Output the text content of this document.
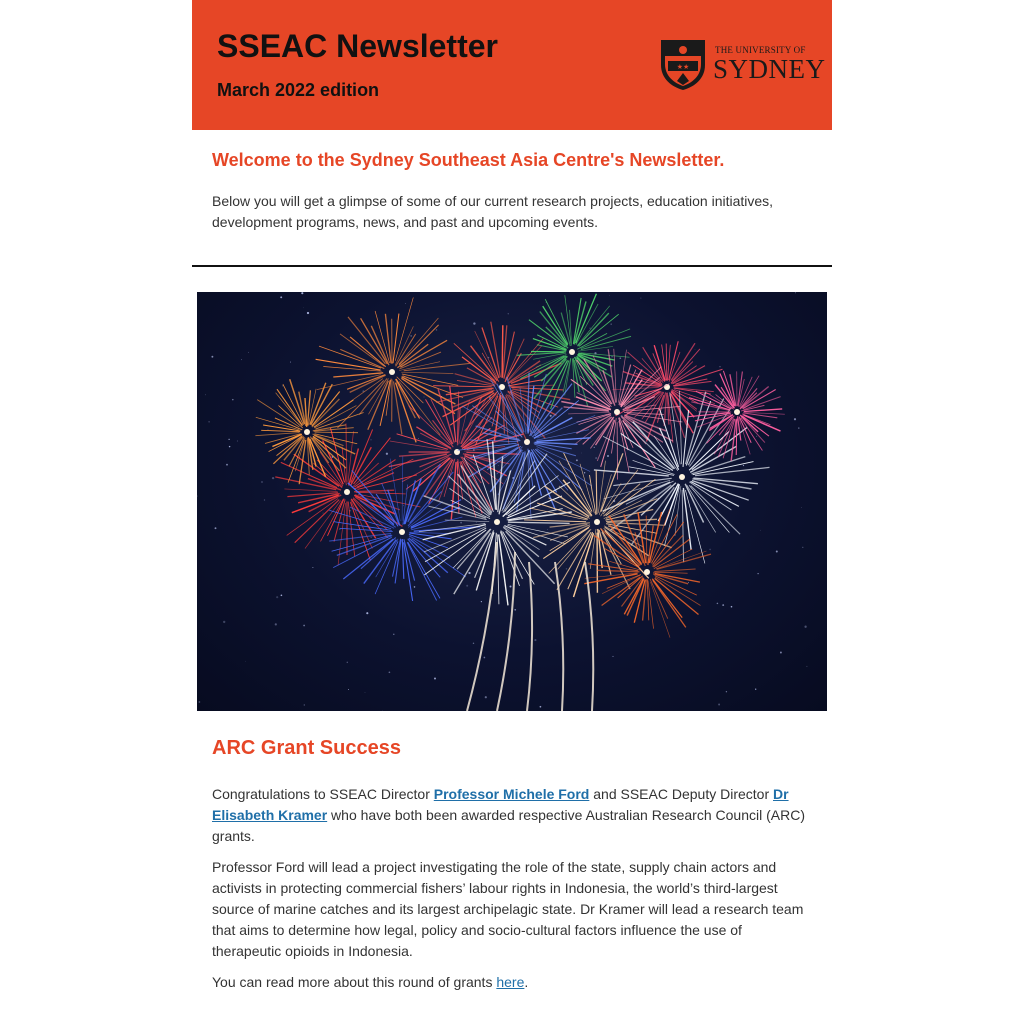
SSEAC Newsletter

March 2022 edition

★★
THE UNIVERSITY OF
SYDNEY
Welcome to the Sydney Southeast Asia Centre's Newsletter.

Below you will get a glimpse of some of our current research projects, education initiatives, development programs, news, and past and upcoming events.

ARC Grant Success

Congratulations to SSEAC Director Professor Michele Ford and SSEAC Deputy Director Dr Elisabeth Kramer who have both been awarded respective Australian Research Council (ARC) grants.

Professor Ford will lead a project investigating the role of the state, supply chain actors and activists in protecting commercial fishers’ labour rights in Indonesia, the world’s third-largest source of marine catches and its largest archipelagic state. Dr Kramer will lead a research team that aims to determine how legal, policy and socio-cultural factors influence the use of therapeutic opioids in Indonesia.

You can read more about this round of grants here.
